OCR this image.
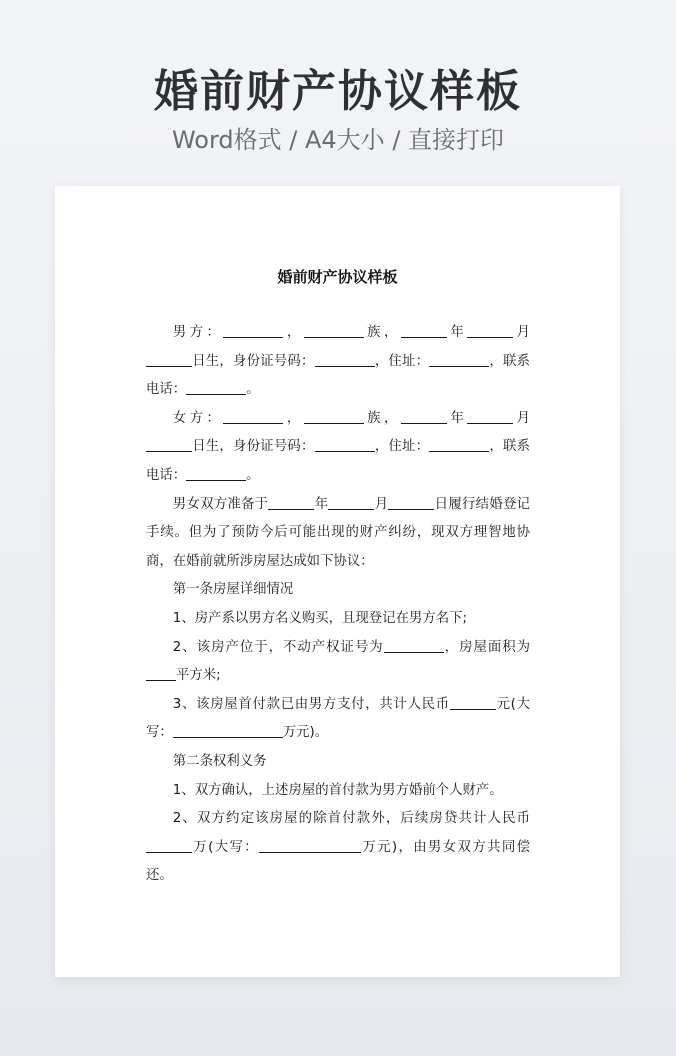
婚前财产协议样板
Word格式 / A4大小 / 直接打印
婚前财产协议样板

男方：	，	族，	年	月日生，身份证号码：	，住址：	，联系电话：	。

女方：	，	族，	年	月日生，身份证号码：	，住址：	，联系电话：	。

男女双方准备于	年	月	日履行结婚登记手续。但为了预防今后可能出现的财产纠纷，现双方理智地协商，在婚前就所涉房屋达成如下协议：

第一条房屋详细情况

1、房产系以男方名义购买，且现登记在男方名下;

2、该房产位于，不动产权证号为	，房屋面积为平方米;

3、该房屋首付款已由男方支付，共计人民币	元(大写：	万元)。

第二条权利义务

1、双方确认，上述房屋的首付款为男方婚前个人财产。

2、双方约定该房屋的除首付款外，后续房贷共计人民币万(大写：	万元)，由男女双方共同偿还。
